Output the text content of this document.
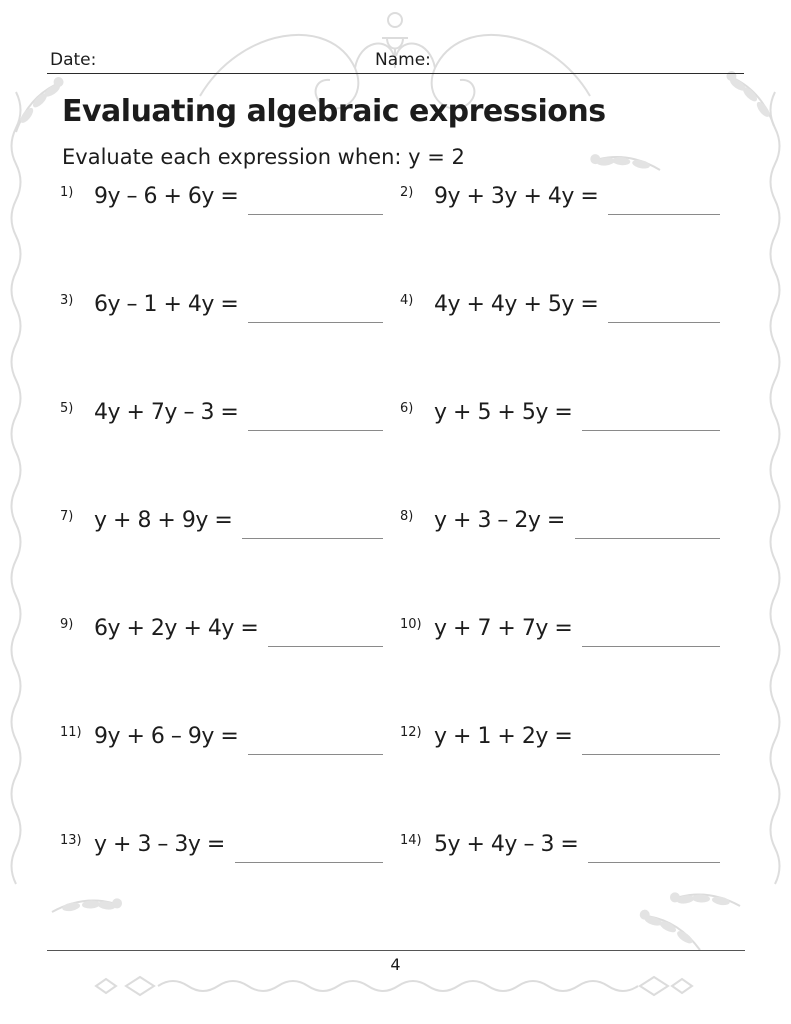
Date:	Name:
Evaluating algebraic expressions
Evaluate each expression when: y = 2
1) 9y – 6 + 6y =	2) 9y + 3y + 4y =
3) 6y – 1 + 4y =	4) 4y + 4y + 5y =
5) 4y + 7y – 3 =	6) y + 5 + 5y =
7) y + 8 + 9y =	8) y + 3 – 2y =
9) 6y + 2y + 4y =	10) y + 7 + 7y =
11) 9y + 6 – 9y =	12) y + 1 + 2y =
13) y + 3 – 3y =	14) 5y + 4y – 3 =
4
